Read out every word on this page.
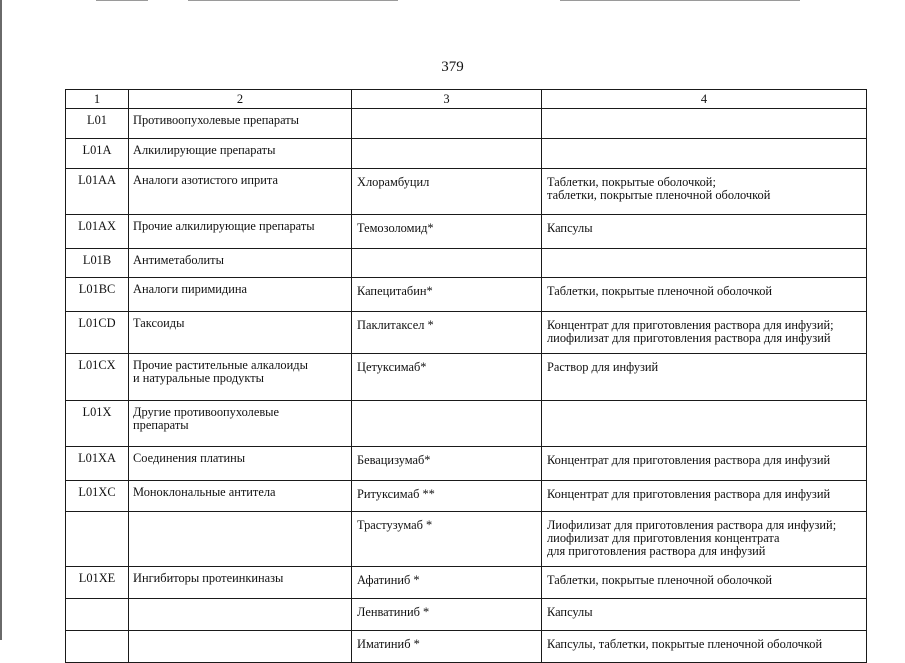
379
1	2	3	4
L01	Противоопухолевые препараты		
L01A	Алкилирующие препараты		
L01AA	Аналоги азотистого иприта	Хлорамбуцил	Таблетки, покрытые оболочкой;
таблетки, покрытые пленочной оболочкой
L01AX	Прочие алкилирующие препараты	Темозоломид*	Капсулы
L01B	Антиметаболиты		
L01BC	Аналоги пиримидина	Капецитабин*	Таблетки, покрытые пленочной оболочкой
L01CD	Таксоиды	Паклитаксел *	Концентрат для приготовления раствора для инфузий;
лиофилизат для приготовления раствора для инфузий
L01CX	Прочие растительные алкалоиды
и натуральные продукты	Цетуксимаб*	Раствор для инфузий
L01X	Другие противоопухолевые
препараты		
L01XA	Соединения платины	Бевацизумаб*	Концентрат для приготовления раствора для инфузий
L01XC	Моноклональные антитела	Ритуксимаб **	Концентрат для приготовления раствора для инфузий
		Трастузумаб *	Лиофилизат для приготовления раствора для инфузий;
лиофилизат для приготовления концентрата
для приготовления раствора для инфузий
L01XE	Ингибиторы протеинкиназы	Афатиниб *	Таблетки, покрытые пленочной оболочкой
		Ленватиниб *	Капсулы
		Иматиниб *	Капсулы, таблетки, покрытые пленочной оболочкой
